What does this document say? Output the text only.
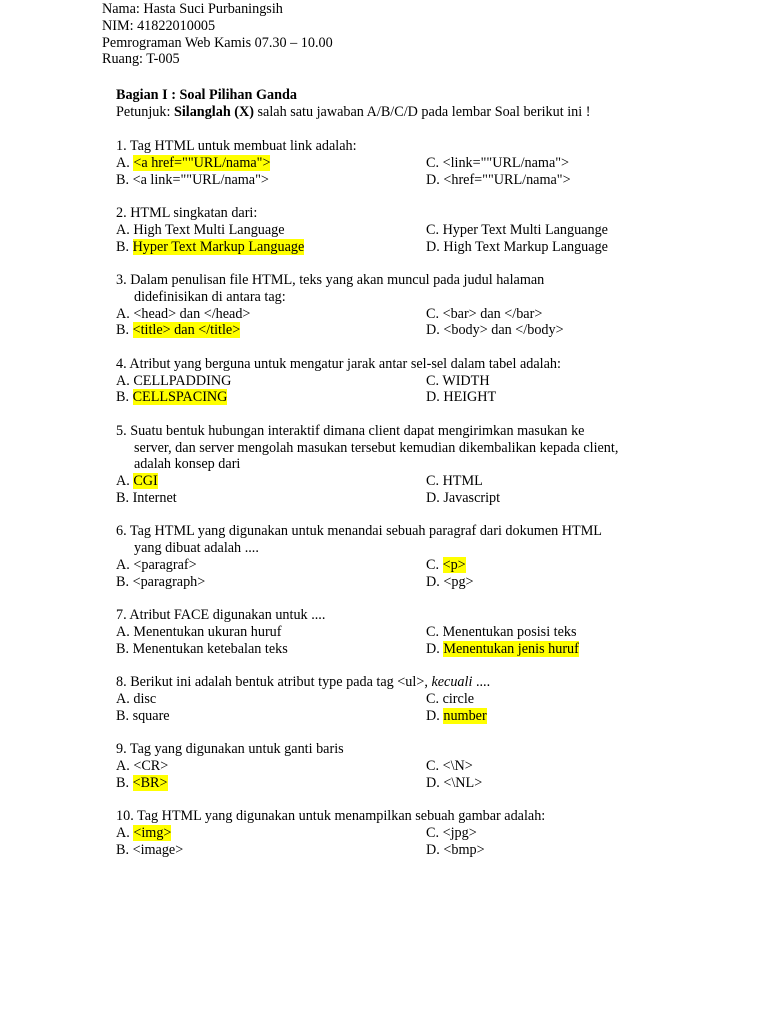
Nama: Hasta Suci Purbaningsih
NIM: 41822010005
Pemrograman Web Kamis 07.30 – 10.00
Ruang: T-005
Bagian I : Soal Pilihan Ganda
Petunjuk: Silanglah (X) salah satu jawaban A/B/C/D pada lembar Soal berikut ini !
1. Tag HTML untuk membuat link adalah:
A. <a href=""URL/nama">
B. <a link=""URL/nama">
C. <link=""URL/nama">
D. <href=""URL/nama">
2. HTML singkatan dari:
A. High Text Multi Language
B. Hyper Text Markup Language
C. Hyper Text Multi Languange
D. High Text Markup Language
3. Dalam penulisan file HTML, teks yang akan muncul pada judul halaman
didefinisikan di antara tag:
A. <head> dan </head>
B. <title> dan </title>
C. <bar> dan </bar>
D. <body> dan </body>
4. Atribut yang berguna untuk mengatur jarak antar sel-sel dalam tabel adalah:
A. CELLPADDING
B. CELLSPACING
C. WIDTH
D. HEIGHT
5. Suatu bentuk hubungan interaktif dimana client dapat mengirimkan masukan ke
server, dan server mengolah masukan tersebut kemudian dikembalikan kepada client,
adalah konsep dari
A. CGI
B. Internet
C. HTML
D. Javascript
6. Tag HTML yang digunakan untuk menandai sebuah paragraf dari dokumen HTML
yang dibuat adalah ....
A. <paragraf>
B. <paragraph>
C. <p>
D. <pg>
7. Atribut FACE digunakan untuk ....
A. Menentukan ukuran huruf
B. Menentukan ketebalan teks
C. Menentukan posisi teks
D. Menentukan jenis huruf
8. Berikut ini adalah bentuk atribut type pada tag <ul>, kecuali ....
A. disc
B. square
C. circle
D. number
9. Tag yang digunakan untuk ganti baris
A. <CR>
B. <BR>
C. <\N>
D. <\NL>
10. Tag HTML yang digunakan untuk menampilkan sebuah gambar adalah:
A. <img>
B. <image>
C. <jpg>
D. <bmp>
